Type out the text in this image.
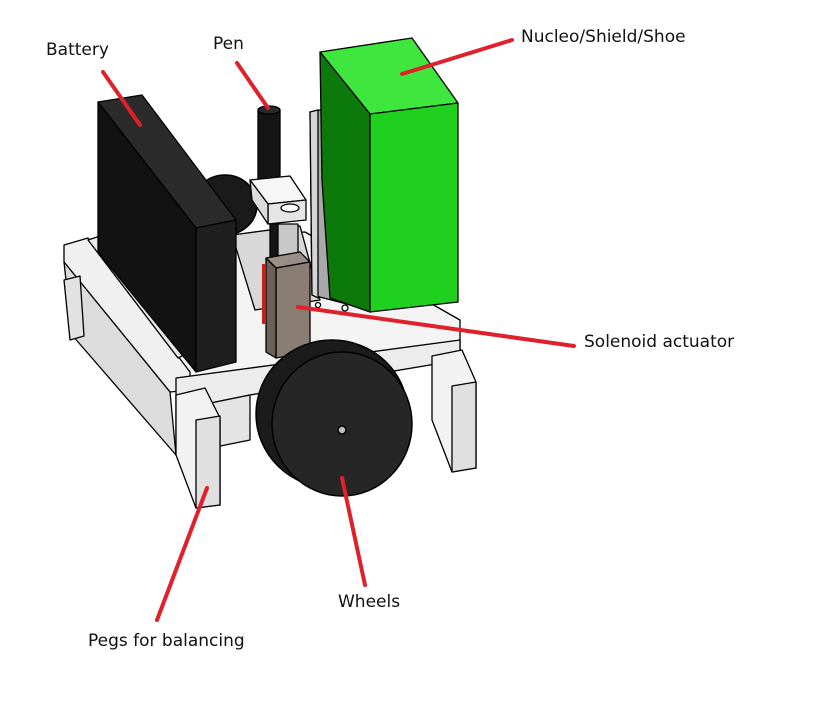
Battery	Pen	Nucleo/Shield/Shoe
Solenoid actuator
Wheels
Pegs for balancing
